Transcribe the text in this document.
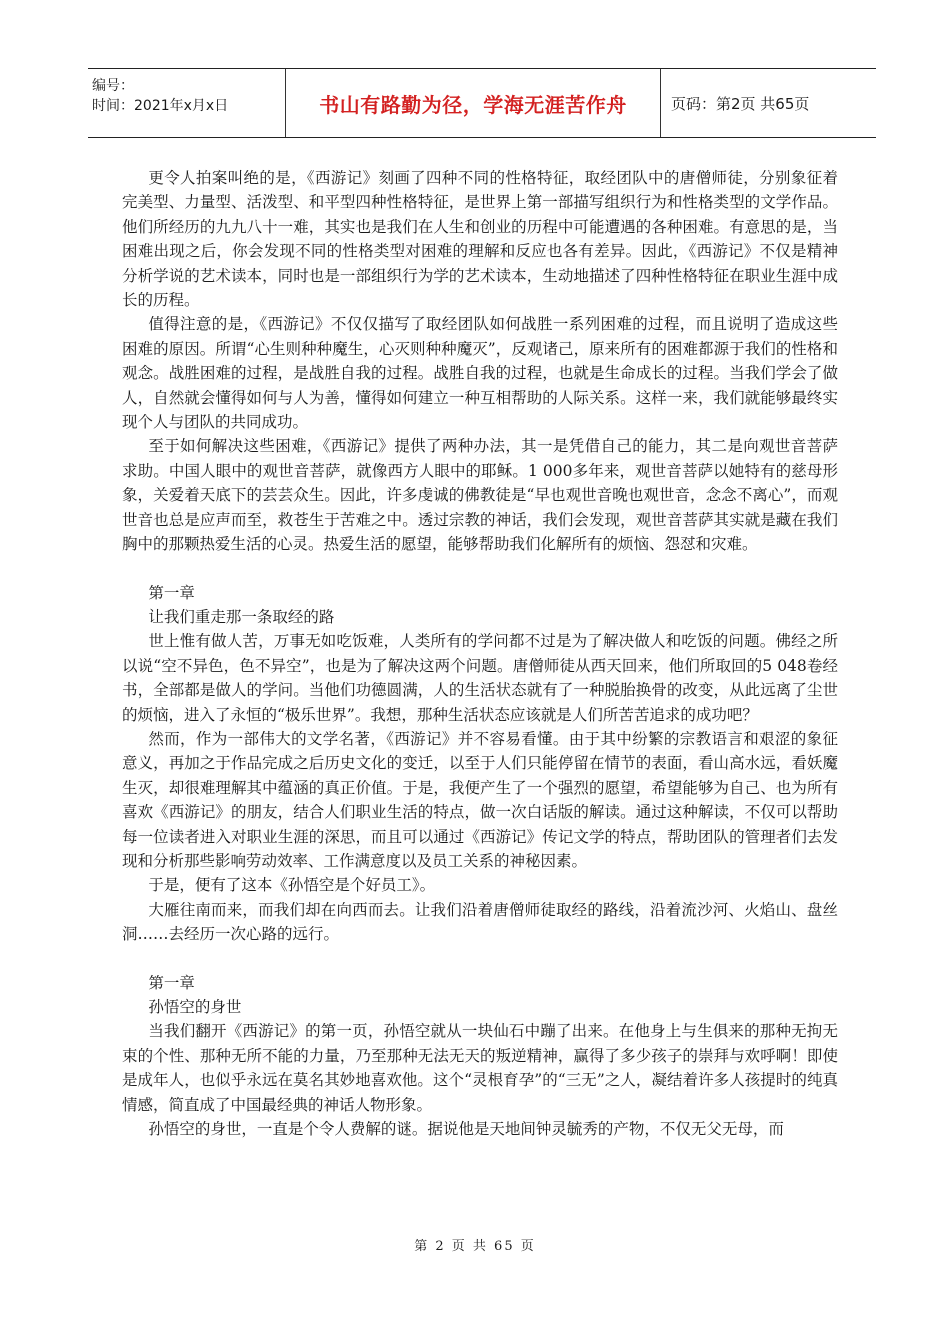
编号：
时间：2021年x月x日	书山有路勤为径，学海无涯苦作舟	页码：第2页 共65页

更令人拍案叫绝的是，《西游记》刻画了四种不同的性格特征，取经团队中的唐僧师徒，分别象征着完美型、力量型、活泼型、和平型四种性格特征，是世界上第一部描写组织行为和性格类型的文学作品。他们所经历的九九八十一难，其实也是我们在人生和创业的历程中可能遭遇的各种困难。有意思的是，当困难出现之后，你会发现不同的性格类型对困难的理解和反应也各有差异。因此，《西游记》不仅是精神分析学说的艺术读本，同时也是一部组织行为学的艺术读本，生动地描述了四种性格特征在职业生涯中成长的历程。

值得注意的是，《西游记》不仅仅描写了取经团队如何战胜一系列困难的过程，而且说明了造成这些困难的原因。所谓“心生则种种魔生，心灭则种种魔灭”，反观诸己，原来所有的困难都源于我们的性格和观念。战胜困难的过程，是战胜自我的过程。战胜自我的过程，也就是生命成长的过程。当我们学会了做人，自然就会懂得如何与人为善，懂得如何建立一种互相帮助的人际关系。这样一来，我们就能够最终实现个人与团队的共同成功。

至于如何解决这些困难，《西游记》提供了两种办法，其一是凭借自己的能力，其二是向观世音菩萨求助。中国人眼中的观世音菩萨，就像西方人眼中的耶稣。1 000多年来，观世音菩萨以她特有的慈母形象，关爱着天底下的芸芸众生。因此，许多虔诚的佛教徒是“早也观世音晚也观世音，念念不离心”，而观世音也总是应声而至，救苍生于苦难之中。透过宗教的神话，我们会发现，观世音菩萨其实就是藏在我们胸中的那颗热爱生活的心灵。热爱生活的愿望，能够帮助我们化解所有的烦恼、怨怼和灾难。

第一章

让我们重走那一条取经的路

世上惟有做人苦，万事无如吃饭难，人类所有的学问都不过是为了解决做人和吃饭的问题。佛经之所以说“空不异色，色不异空”，也是为了解决这两个问题。唐僧师徒从西天回来，他们所取回的5 048卷经书，全部都是做人的学问。当他们功德圆满，人的生活状态就有了一种脱胎换骨的改变，从此远离了尘世的烦恼，进入了永恒的“极乐世界”。我想，那种生活状态应该就是人们所苦苦追求的成功吧？

然而，作为一部伟大的文学名著，《西游记》并不容易看懂。由于其中纷繁的宗教语言和艰涩的象征意义，再加之于作品完成之后历史文化的变迁，以至于人们只能停留在情节的表面，看山高水远，看妖魔生灭，却很难理解其中蕴涵的真正价值。于是，我便产生了一个强烈的愿望，希望能够为自己、也为所有喜欢《西游记》的朋友，结合人们职业生活的特点，做一次白话版的解读。通过这种解读，不仅可以帮助每一位读者进入对职业生涯的深思，而且可以通过《西游记》传记文学的特点，帮助团队的管理者们去发现和分析那些影响劳动效率、工作满意度以及员工关系的神秘因素。

于是，便有了这本《孙悟空是个好员工》。

大雁往南而来，而我们却在向西而去。让我们沿着唐僧师徒取经的路线，沿着流沙河、火焰山、盘丝洞……去经历一次心路的远行。

第一章

孙悟空的身世

当我们翻开《西游记》的第一页，孙悟空就从一块仙石中蹦了出来。在他身上与生俱来的那种无拘无束的个性、那种无所不能的力量，乃至那种无法无天的叛逆精神，赢得了多少孩子的崇拜与欢呼啊！即使是成年人，也似乎永远在莫名其妙地喜欢他。这个“灵根育孕”的“三无”之人，凝结着许多人孩提时的纯真情感，简直成了中国最经典的神话人物形象。

孙悟空的身世，一直是个令人费解的谜。据说他是天地间钟灵毓秀的产物，不仅无父无母，而

第 2 页 共 65 页
